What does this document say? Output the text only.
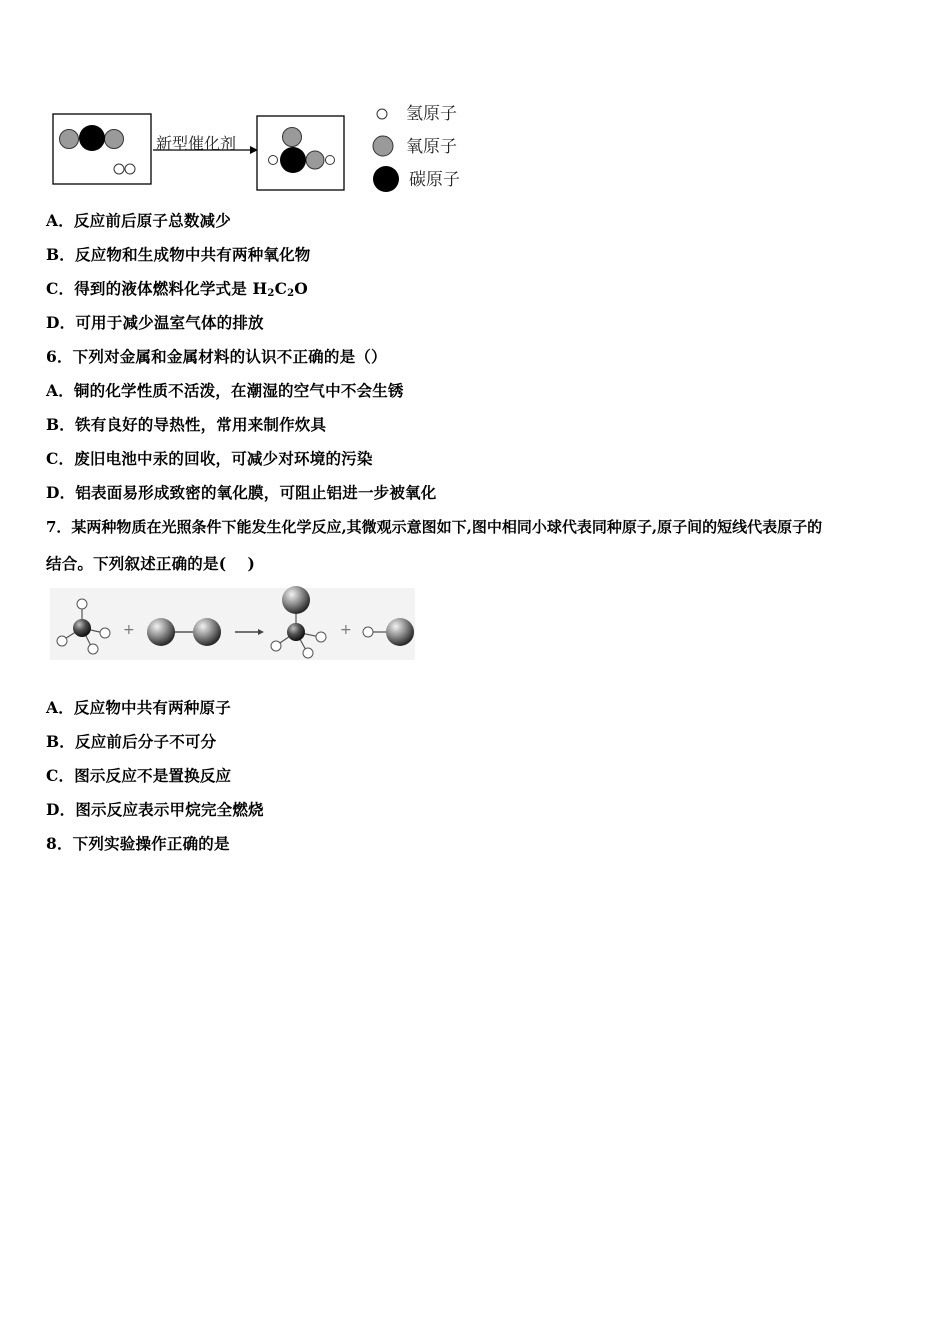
新型催化剂
氢原子
氧原子
碳原子
A．反应前后原子总数减少
B．反应物和生成物中共有两种氧化物
C．得到的液体燃料化学式是 $H_2C_2O$
D．可用于减少温室气体的排放
6．下列对金属和金属材料的认识不正确的是（）
A．铜的化学性质不活泼，在潮湿的空气中不会生锈
B．铁有良好的导热性，常用来制作炊具
C．废旧电池中汞的回收，可减少对环境的污染
D．铝表面易形成致密的氧化膜，可阻止铝进一步被氧化
7．某两种物质在光照条件下能发生化学反应,其微观示意图如下,图中相同小球代表同种原子,原子间的短线代表原子的
结合。下列叙述正确的是(　 )
+	+
A．反应物中共有两种原子
B．反应前后分子不可分
C．图示反应不是置换反应
D．图示反应表示甲烷完全燃烧
8．下列实验操作正确的是
